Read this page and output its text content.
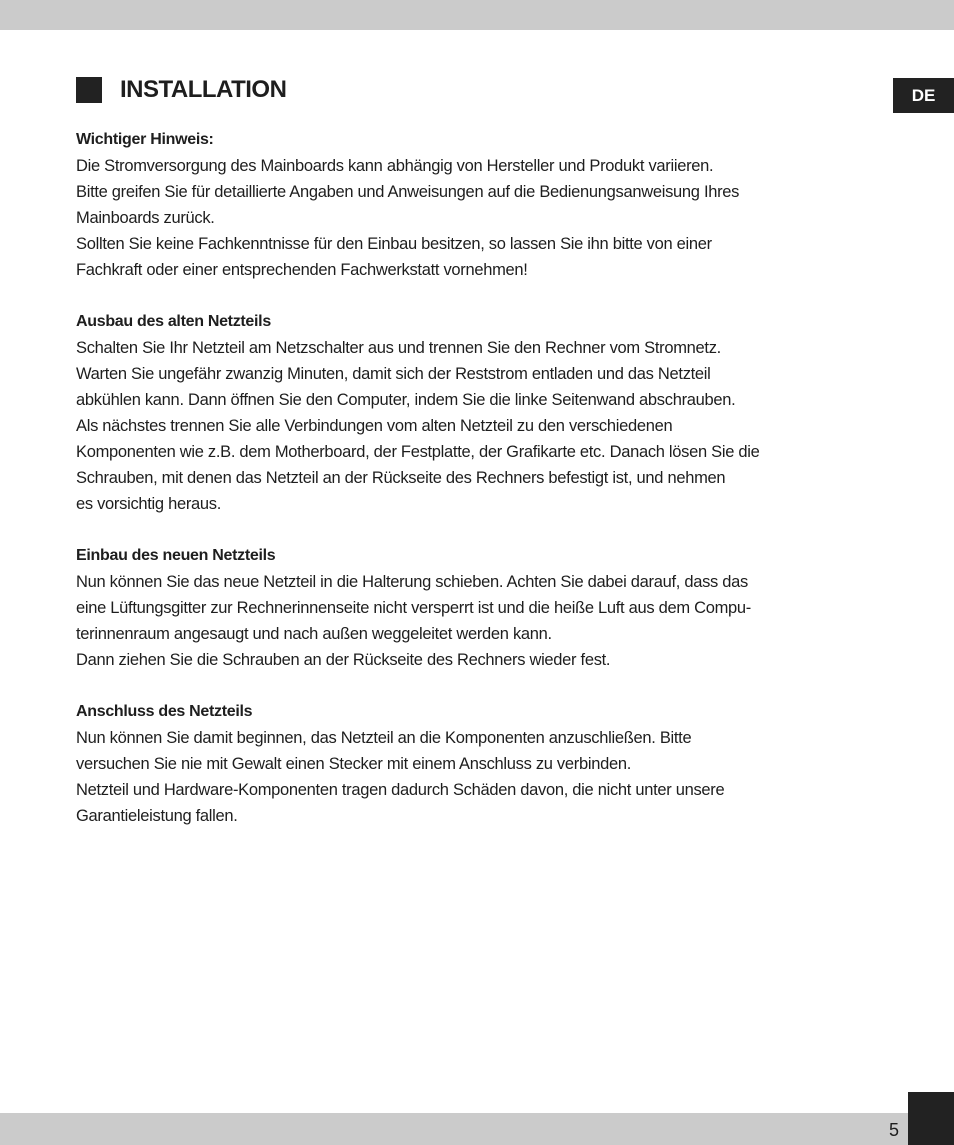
INSTALLATION	DE

Wichtiger Hinweis:

Die Stromversorgung des Mainboards kann abhängig von Hersteller und Produkt variieren.
Bitte greifen Sie für detaillierte Angaben und Anweisungen auf die Bedienungsanweisung Ihres
Mainboards zurück.
Sollten Sie keine Fachkenntnisse für den Einbau besitzen, so lassen Sie ihn bitte von einer
Fachkraft oder einer entsprechenden Fachwerkstatt vornehmen!

Ausbau des alten Netzteils

Schalten Sie Ihr Netzteil am Netzschalter aus und trennen Sie den Rechner vom Stromnetz.
Warten Sie ungefähr zwanzig Minuten, damit sich der Reststrom entladen und das Netzteil
abkühlen kann. Dann öffnen Sie den Computer, indem Sie die linke Seitenwand abschrauben.
Als nächstes trennen Sie alle Verbindungen vom alten Netzteil zu den verschiedenen
Komponenten wie z.B. dem Motherboard, der Festplatte, der Grafikarte etc. Danach lösen Sie die
Schrauben, mit denen das Netzteil an der Rückseite des Rechners befestigt ist, und nehmen
es vorsichtig heraus.

Einbau des neuen Netzteils

Nun können Sie das neue Netzteil in die Halterung schieben. Achten Sie dabei darauf, dass das
eine Lüftungsgitter zur Rechnerinnenseite nicht versperrt ist und die heiße Luft aus dem Compu-
terinnenraum angesaugt und nach außen weggeleitet werden kann.
Dann ziehen Sie die Schrauben an der Rückseite des Rechners wieder fest.

Anschluss des Netzteils

Nun können Sie damit beginnen, das Netzteil an die Komponenten anzuschließen. Bitte
versuchen Sie nie mit Gewalt einen Stecker mit einem Anschluss zu verbinden.
Netzteil und Hardware-Komponenten tragen dadurch Schäden davon, die nicht unter unsere
Garantieleistung fallen.
5
